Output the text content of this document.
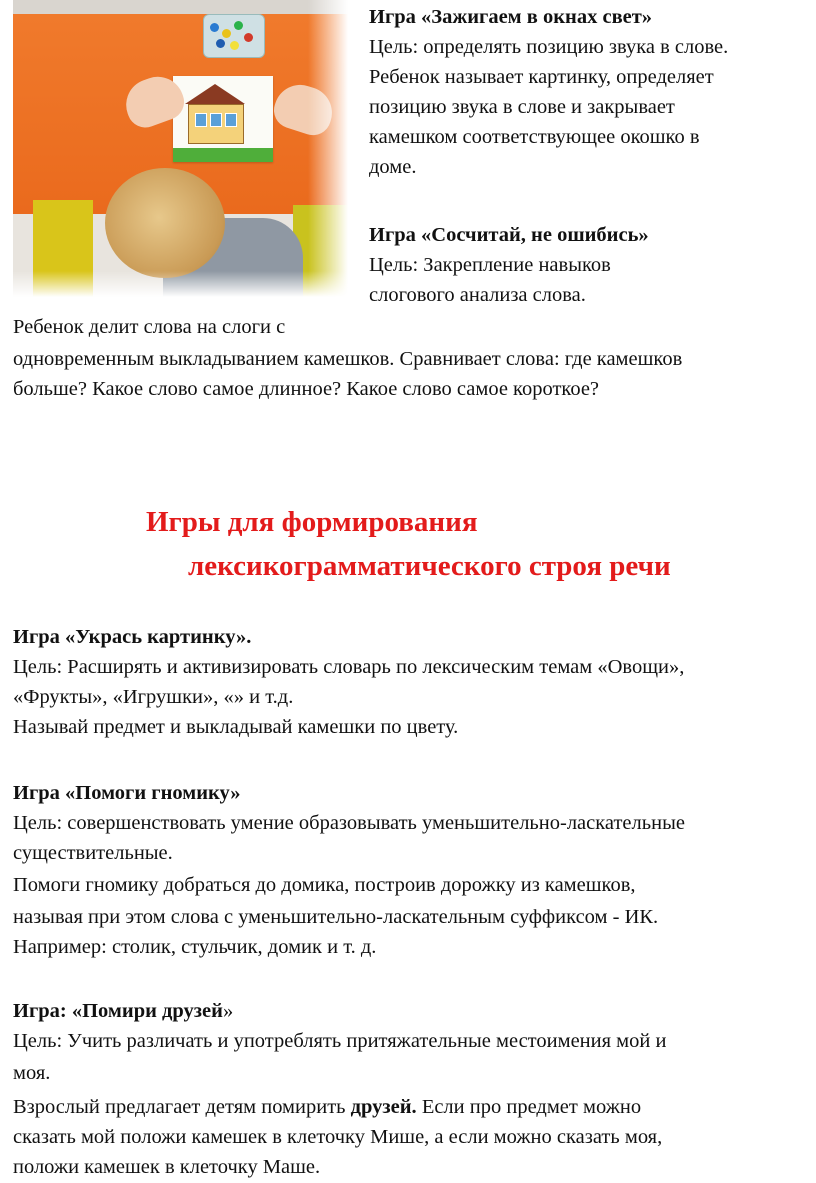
Игра «Зажигаем в окнах свет»
Цель: определять позицию звука в слове.
Ребенок называет картинку, определяет
позицию звука в слове и закрывает
камешком соответствующее окошко в
доме.
Игра «Сосчитай, не ошибись»
Цель: Закрепление навыков
слогового анализа слова.
Ребенок делит слова на слоги с
одновременным выкладыванием камешков. Сравнивает слова: где камешков
больше? Какое слово самое длинное? Какое слово самое короткое?
Игры для формирования
лексикограмматического строя речи
Игра «Укрась картинку».
Цель: Расширять и активизировать словарь по лексическим темам «Овощи»,
«Фрукты», «Игрушки», «» и т.д.
Называй предмет и выкладывай камешки по цвету.
Игра «Помоги гномику»
Цель: совершенствовать умение образовывать уменьшительно-ласкательные
существительные.
Помоги гномику добраться до домика, построив дорожку из камешков,
называя при этом слова с уменьшительно-ласкательным суффиксом - ИК.
Например: столик, стульчик, домик и т. д.
Игра: «Помири друзей»
Цель: Учить различать и употреблять притяжательные местоимения мой и
моя.
Взрослый предлагает детям помирить друзей. Если про предмет можно
сказать мой положи камешек в клеточку Мише, а если можно сказать моя,
положи камешек в клеточку Маше.
